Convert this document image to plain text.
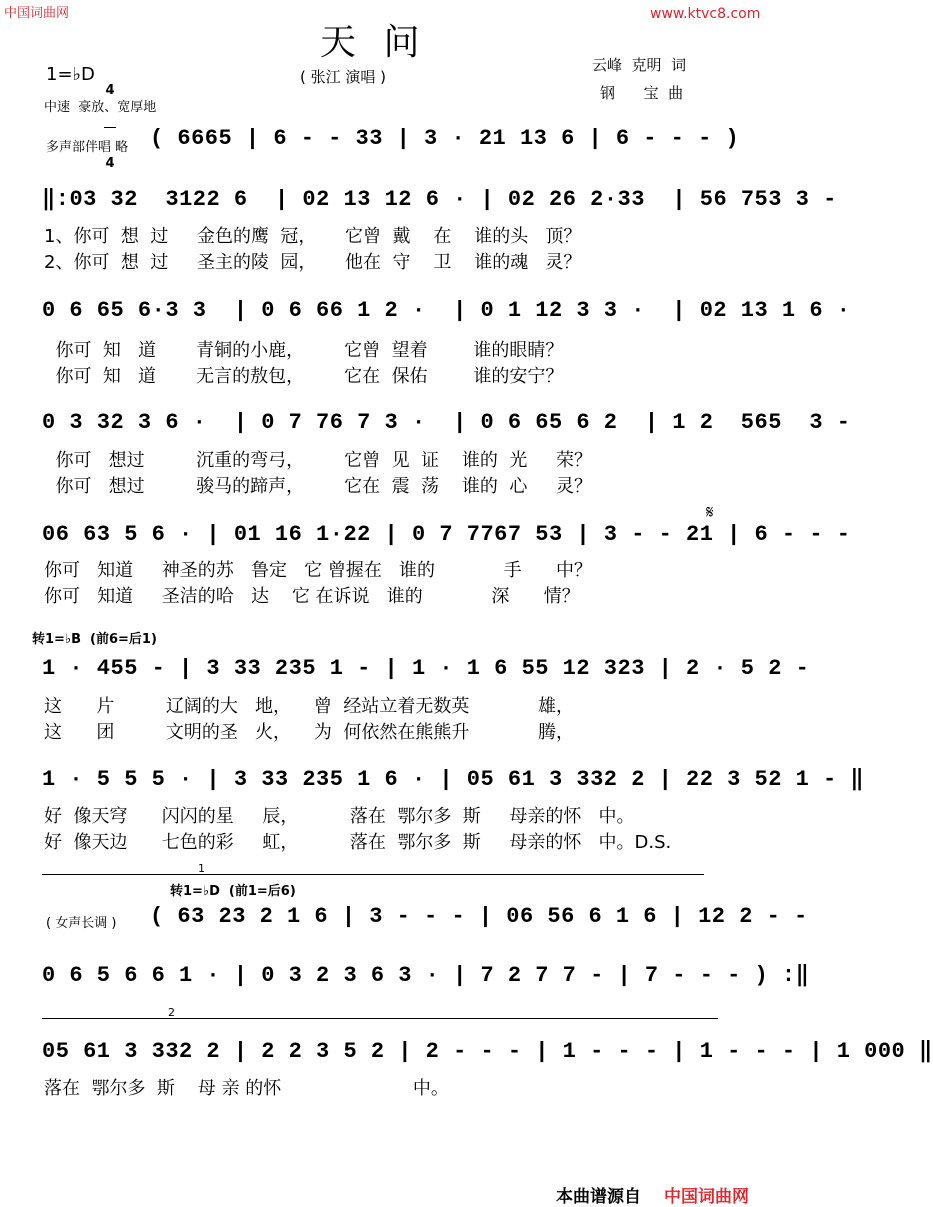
中国词曲网	www.ktvc8.com
天 问
( 张江 演唱 )
1=♭D

4

4

中速  豪放、宽厚地
云峰  克明  词
钢      宝  曲
多声部伴唱 略 ( 6665 | 6 - - 33 | 3 · 21 13 6 | 6 - - - )
‖:03 32  3122 6  | 02 13 12 6 · | 02 26 2·33  | 56 753 3 -
1、你可  想  过     金色的鹰  冠，     它曾  戴    在    谁的头   顶？
2、你可  想  过     圣主的陵  园，     他在  守    卫    谁的魂   灵？
0 6 65 6·3 3  | 0 6 66 1 2 ·  | 0 1 12 3 3 ·  | 02 13 1 6 ·
你可  知   道       青铜的小鹿，       它曾  望着        谁的眼睛？
你可  知   道       无言的敖包，       它在  保佑        谁的安宁？
0 3 32 3 6 ·  | 0 7 76 7 3 ·  | 0 6 65 6 2  | 1 2  565  3 -
你可   想过         沉重的弯弓，       它曾  见  证    谁的  光     荣？
你可   想过         骏马的蹄声，       它在  震  荡    谁的  心     灵？
06 63 5 6 · | 01 16 1·22 | 0 7 7767 53 | 3 - - 21 | 6 - - -
𝄋
你可   知道     神圣的苏   鲁定   它 曾握在   谁的            手      中？
你可   知道     圣洁的哈   达    它 在诉说   谁的            深      情？
转1=♭B  (前6=后1)
1 · 455 - | 3 33 235 1 - | 1 · 1 6 55 12 323 | 2 · 5 2 -
这      片         辽阔的大   地，    曾  经站立着无数英            雄，
这      团         文明的圣   火，    为  何依然在熊熊升            腾，
1 · 5 5 5 · | 3 33 235 1 6 · | 05 61 3 332 2 | 22 3 52 1 - ‖
好  像天穹      闪闪的星     辰，         落在  鄂尔多  斯     母亲的怀   中。
好  像天边      七色的彩     虹，         落在  鄂尔多  斯     母亲的怀   中。D.S.
1
转1=♭D  (前1=后6)
( 女声长调 ) ( 63 23 2 1 6 | 3 - - - | 06 56 6 1 6 | 12 2 - -
0 6 5 6 6 1 · | 0 3 2 3 6 3 · | 7 2 7 7 - | 7 - - - ) :‖
2
05 61 3 332 2 | 2 2 3 5 2 | 2 - - - | 1 - - - | 1 - - - | 1 000 ‖
落在  鄂尔多  斯    母 亲 的怀                       中。
本曲谱源自 中国词曲网
